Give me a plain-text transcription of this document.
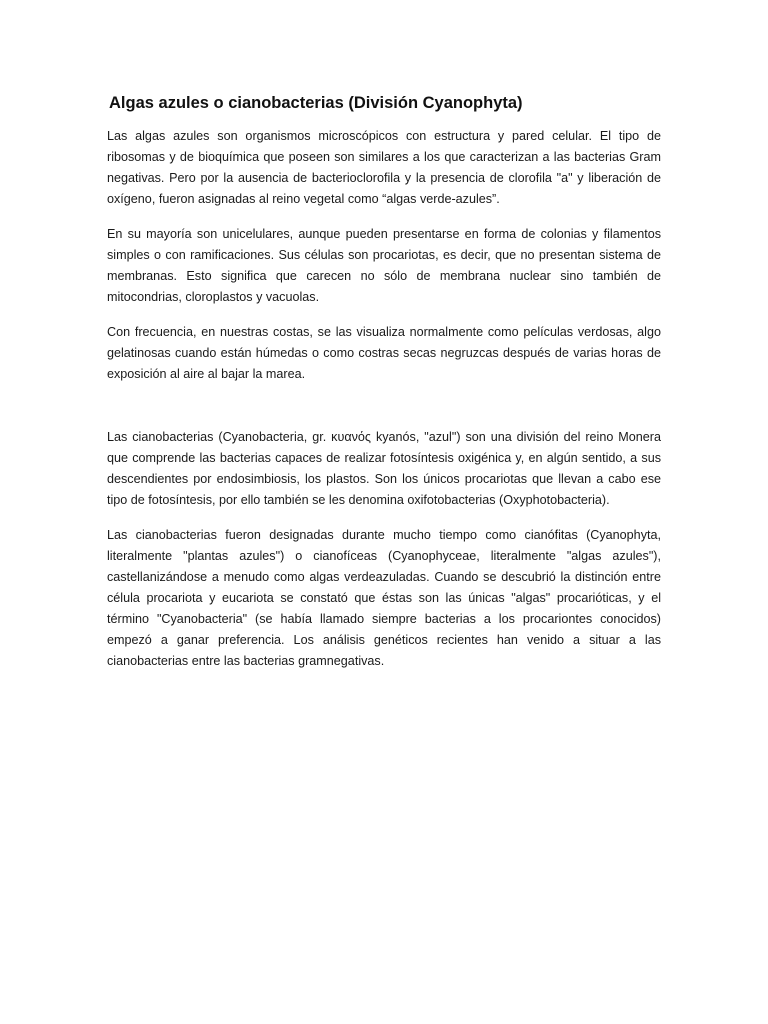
Algas azules o cianobacterias (División Cyanophyta)

Las algas azules son organismos microscópicos con estructura y pared celular. El tipo de ribosomas y de bioquímica que poseen son similares a los que caracterizan a las bacterias Gram negativas. Pero por la ausencia de bacterioclorofila y la presencia de clorofila "a" y liberación de oxígeno, fueron asignadas al reino vegetal como “algas verde-azules”.

En su mayoría son unicelulares, aunque pueden presentarse en forma de colonias y filamentos simples o con ramificaciones. Sus células son procariotas, es decir, que no presentan sistema de membranas. Esto significa que carecen no sólo de membrana nuclear sino también de mitocondrias, cloroplastos y vacuolas.

Con frecuencia, en nuestras costas, se las visualiza normalmente como películas verdosas, algo gelatinosas cuando están húmedas o como costras secas negruzcas después de varias horas de exposición al aire al bajar la marea.

Las cianobacterias (Cyanobacteria, gr. κυανός kyanós, "azul") son una división del reino Monera que comprende las bacterias capaces de realizar fotosíntesis oxigénica y, en algún sentido, a sus descendientes por endosimbiosis, los plastos. Son los únicos procariotas que llevan a cabo ese tipo de fotosíntesis, por ello también se les denomina oxifotobacterias (Oxyphotobacteria).

Las cianobacterias fueron designadas durante mucho tiempo como cianófitas (Cyanophyta, literalmente "plantas azules") o cianofíceas (Cyanophyceae, literalmente "algas azules"), castellanizándose a menudo como algas verdeazuladas. Cuando se descubrió la distinción entre célula procariota y eucariota se constató que éstas son las únicas "algas" procarióticas, y el término "Cyanobacteria" (se había llamado siempre bacterias a los procariontes conocidos) empezó a ganar preferencia. Los análisis genéticos recientes han venido a situar a las cianobacterias entre las bacterias gramnegativas.
